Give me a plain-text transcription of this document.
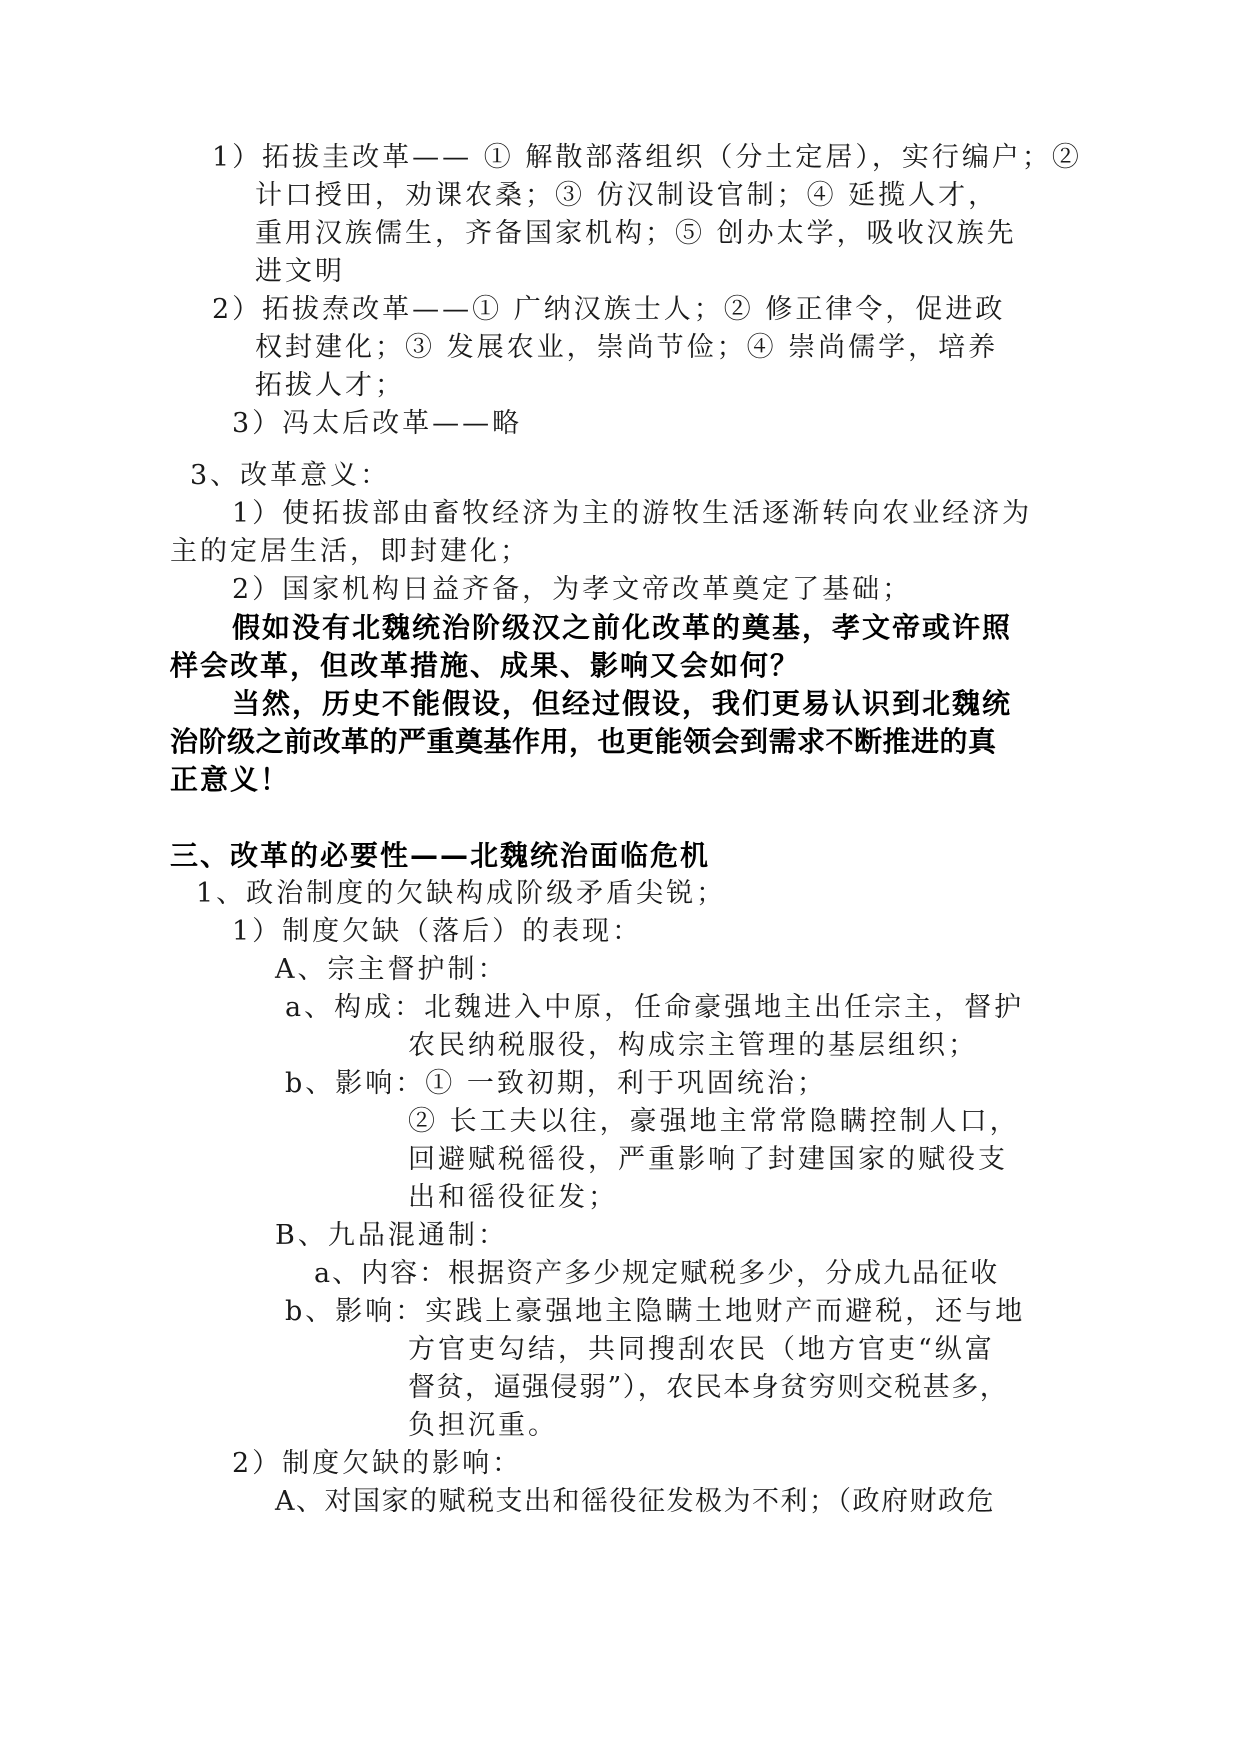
1）拓拔圭改革—— ① 解散部落组织（分土定居），实行编户；②

计口授田，劝课农桑；③ 仿汉制设官制；④ 延揽人才，

重用汉族儒生，齐备国家机构；⑤ 创办太学，吸收汉族先

进文明

2）拓拔焘改革——① 广纳汉族士人；② 修正律令，促进政

权封建化；③ 发展农业，崇尚节俭；④ 崇尚儒学，培养

拓拔人才；

3）冯太后改革——略

3、改革意义：

1）使拓拔部由畜牧经济为主的游牧生活逐渐转向农业经济为

主的定居生活，即封建化；

2）国家机构日益齐备，为孝文帝改革奠定了基础；

假如没有北魏统治阶级汉之前化改革的奠基，孝文帝或许照

样会改革，但改革措施、成果、影响又会如何？

当然，历史不能假设，但经过假设，我们更易认识到北魏统

治阶级之前改革的严重奠基作用，也更能领会到需求不断推进的真

正意义！

三、改革的必要性——北魏统治面临危机

1、政治制度的欠缺构成阶级矛盾尖锐；

1）制度欠缺（落后）的表现：

A、宗主督护制：

a、构成：北魏进入中原，任命豪强地主出任宗主，督护

农民纳税服役，构成宗主管理的基层组织；

b、影响：① 一致初期，利于巩固统治；

② 长工夫以往，豪强地主常常隐瞒控制人口，

回避赋税徭役，严重影响了封建国家的赋役支

出和徭役征发；

B、九品混通制：

a、内容：根据资产多少规定赋税多少，分成九品征收

b、影响：实践上豪强地主隐瞒土地财产而避税，还与地

方官吏勾结，共同搜刮农民（地方官吏“纵富

督贫，逼强侵弱”），农民本身贫穷则交税甚多，

负担沉重。

2）制度欠缺的影响：

A、对国家的赋税支出和徭役征发极为不利；（政府财政危
